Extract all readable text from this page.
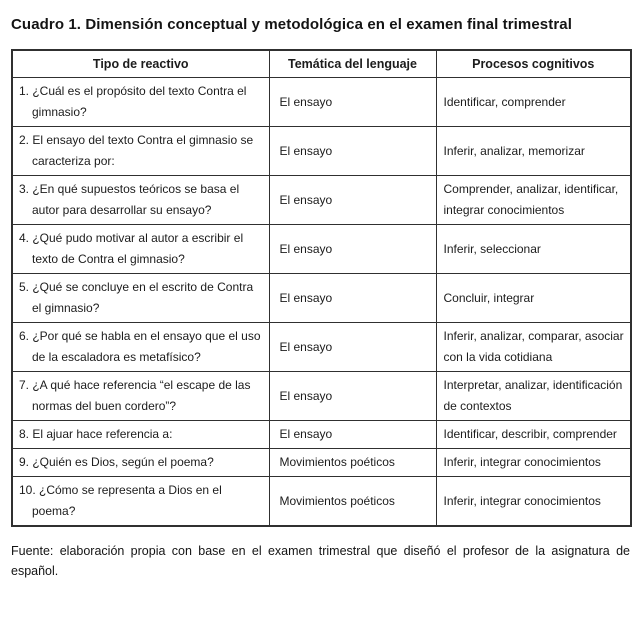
Cuadro 1. Dimensión conceptual y metodológica en el examen final trimestral

Tipo de reactivo	Temática del lenguaje	Procesos cognitivos
1. ¿Cuál es el propósito del texto Contra el gimnasio?	El ensayo	Identificar, comprender
2. El ensayo del texto Contra el gimnasio se caracteriza por:	El ensayo	Inferir, analizar, memorizar
3. ¿En qué supuestos teóricos se basa el autor para desarrollar su ensayo?	El ensayo	Comprender, analizar, identificar, integrar conocimientos
4. ¿Qué pudo motivar al autor a escribir el texto de Contra el gimnasio?	El ensayo	Inferir, seleccionar
5. ¿Qué se concluye en el escrito de Contra el gimnasio?	El ensayo	Concluir, integrar
6. ¿Por qué se habla en el ensayo que el uso de la escaladora es metafísico?	El ensayo	Inferir, analizar, comparar, asociar con la vida cotidiana
7. ¿A qué hace referencia “el escape de las normas del buen cordero”?	El ensayo	Interpretar, analizar, identificación de contextos
8. El ajuar hace referencia a:	El ensayo	Identificar, describir, comprender
9. ¿Quién es Dios, según el poema?	Movimientos poéticos	Inferir, integrar conocimientos
10. ¿Cómo se representa a Dios en el poema?	Movimientos poéticos	Inferir, integrar conocimientos

Fuente: elaboración propia con base en el examen trimestral que diseñó el profesor de la asignatura de español.
